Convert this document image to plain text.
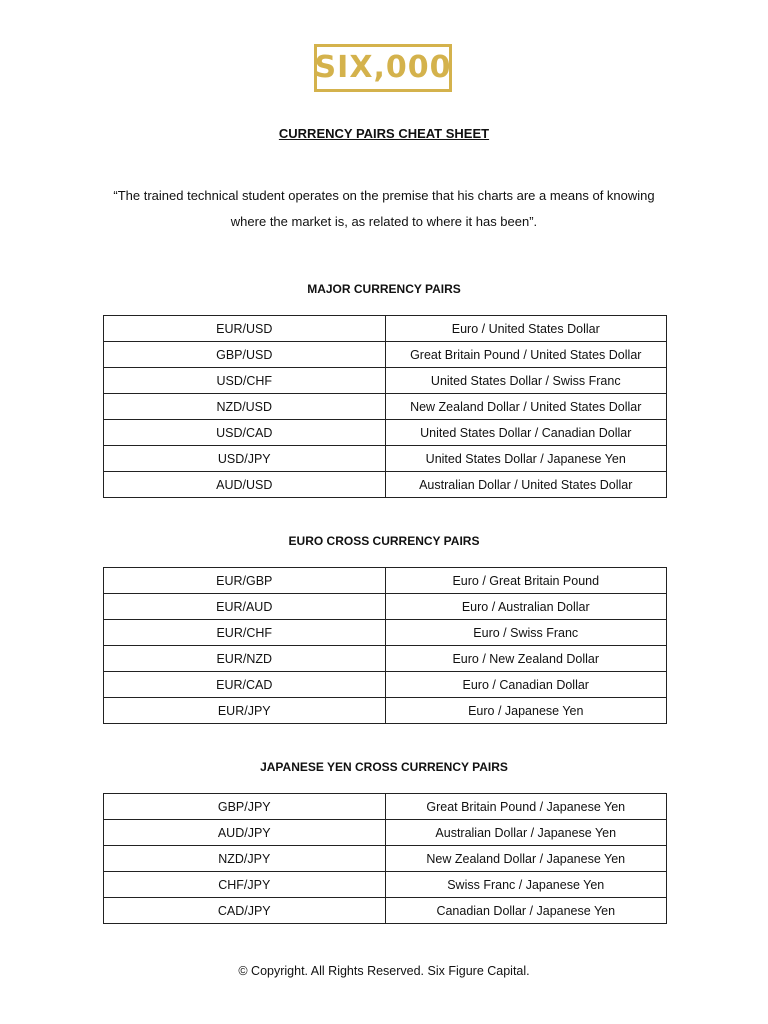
SIX,000
CURRENCY PAIRS CHEAT SHEET
“The trained technical student operates on the premise that his charts are a means of knowing
where the market is, as related to where it has been”.
MAJOR CURRENCY PAIRS
EUR/USD	Euro / United States Dollar
GBP/USD	Great Britain Pound / United States Dollar
USD/CHF	United States Dollar / Swiss Franc
NZD/USD	New Zealand Dollar / United States Dollar
USD/CAD	United States Dollar / Canadian Dollar
USD/JPY	United States Dollar / Japanese Yen
AUD/USD	Australian Dollar / United States Dollar
EURO CROSS CURRENCY PAIRS
EUR/GBP	Euro / Great Britain Pound
EUR/AUD	Euro / Australian Dollar
EUR/CHF	Euro / Swiss Franc
EUR/NZD	Euro / New Zealand Dollar
EUR/CAD	Euro / Canadian Dollar
EUR/JPY	Euro / Japanese Yen
JAPANESE YEN CROSS CURRENCY PAIRS
GBP/JPY	Great Britain Pound / Japanese Yen
AUD/JPY	Australian Dollar / Japanese Yen
NZD/JPY	New Zealand Dollar / Japanese Yen
CHF/JPY	Swiss Franc / Japanese Yen
CAD/JPY	Canadian Dollar / Japanese Yen
© Copyright. All Rights Reserved. Six Figure Capital.
